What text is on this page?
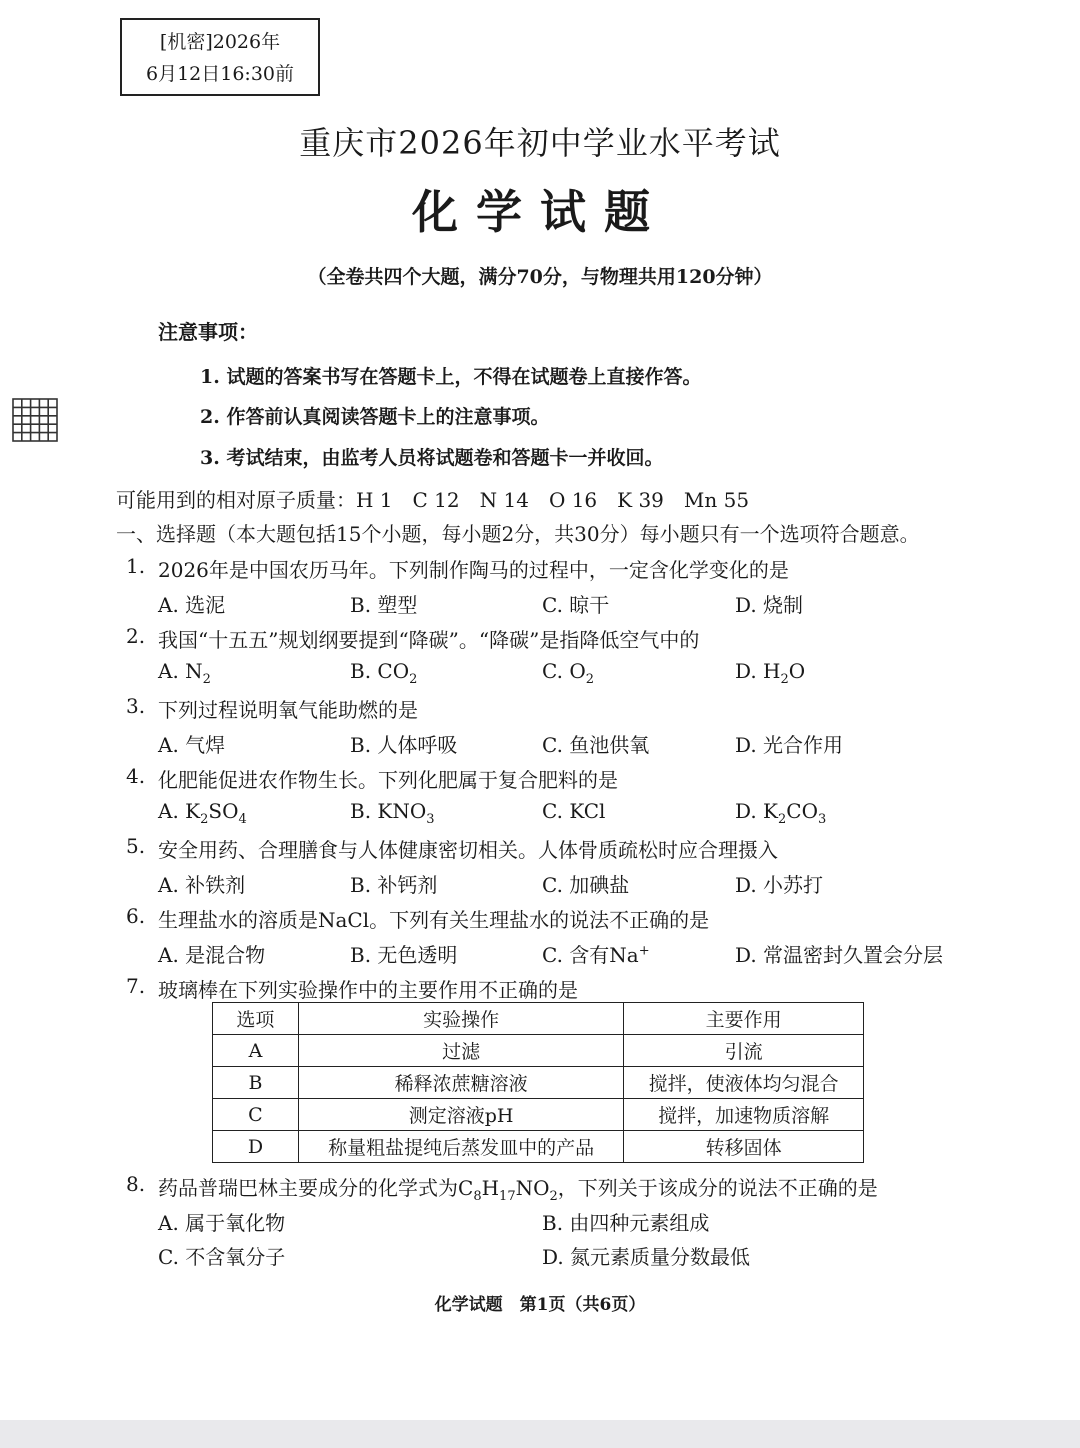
[机密]2026年
6月12日16:30前
重庆市2026年初中学业水平考试
化学试题
（全卷共四个大题，满分70分，与物理共用120分钟）
注意事项：
1. 试题的答案书写在答题卡上，不得在试题卷上直接作答。
2. 作答前认真阅读答题卡上的注意事项。
3. 考试结束，由监考人员将试题卷和答题卡一并收回。
可能用到的相对原子质量：H 1　C 12　N 14　O 16　K 39　Mn 55
一、选择题（本大题包括15个小题，每小题2分，共30分）每小题只有一个选项符合题意。
1. 2026年是中国农历马年。下列制作陶马的过程中，一定含化学变化的是
A. 选泥	B. 塑型	C. 晾干	D. 烧制
2. 我国“十五五”规划纲要提到“降碳”。“降碳”是指降低空气中的
A. $N_2$	B. $CO_2$	C. $O_2$	D. $H_2O$
3. 下列过程说明氧气能助燃的是
A. 气焊	B. 人体呼吸	C. 鱼池供氧	D. 光合作用
4. 化肥能促进农作物生长。下列化肥属于复合肥料的是
A. $K_2SO_4$	B. $KNO_3$	C. KCl	D. $K_2CO_3$
5. 安全用药、合理膳食与人体健康密切相关。人体骨质疏松时应合理摄入
A. 补铁剂	B. 补钙剂	C. 加碘盐	D. 小苏打
6. 生理盐水的溶质是NaCl。下列有关生理盐水的说法不正确的是
A. 是混合物	B. 无色透明	C. 含有Na+	D. 常温密封久置会分层
7. 玻璃棒在下列实验操作中的主要作用不正确的是
选项	实验操作	主要作用
A	过滤	引流
B	稀释浓蔗糖溶液	搅拌，使液体均匀混合
C	测定溶液pH	搅拌，加速物质溶解
D	称量粗盐提纯后蒸发皿中的产品	转移固体
8. 药品普瑞巴林主要成分的化学式为$C_8H_{17}NO_2$，下列关于该成分的说法不正确的是
A. 属于氧化物	B. 由四种元素组成
C. 不含氧分子	D. 氮元素质量分数最低
化学试题　第1页（共6页）
